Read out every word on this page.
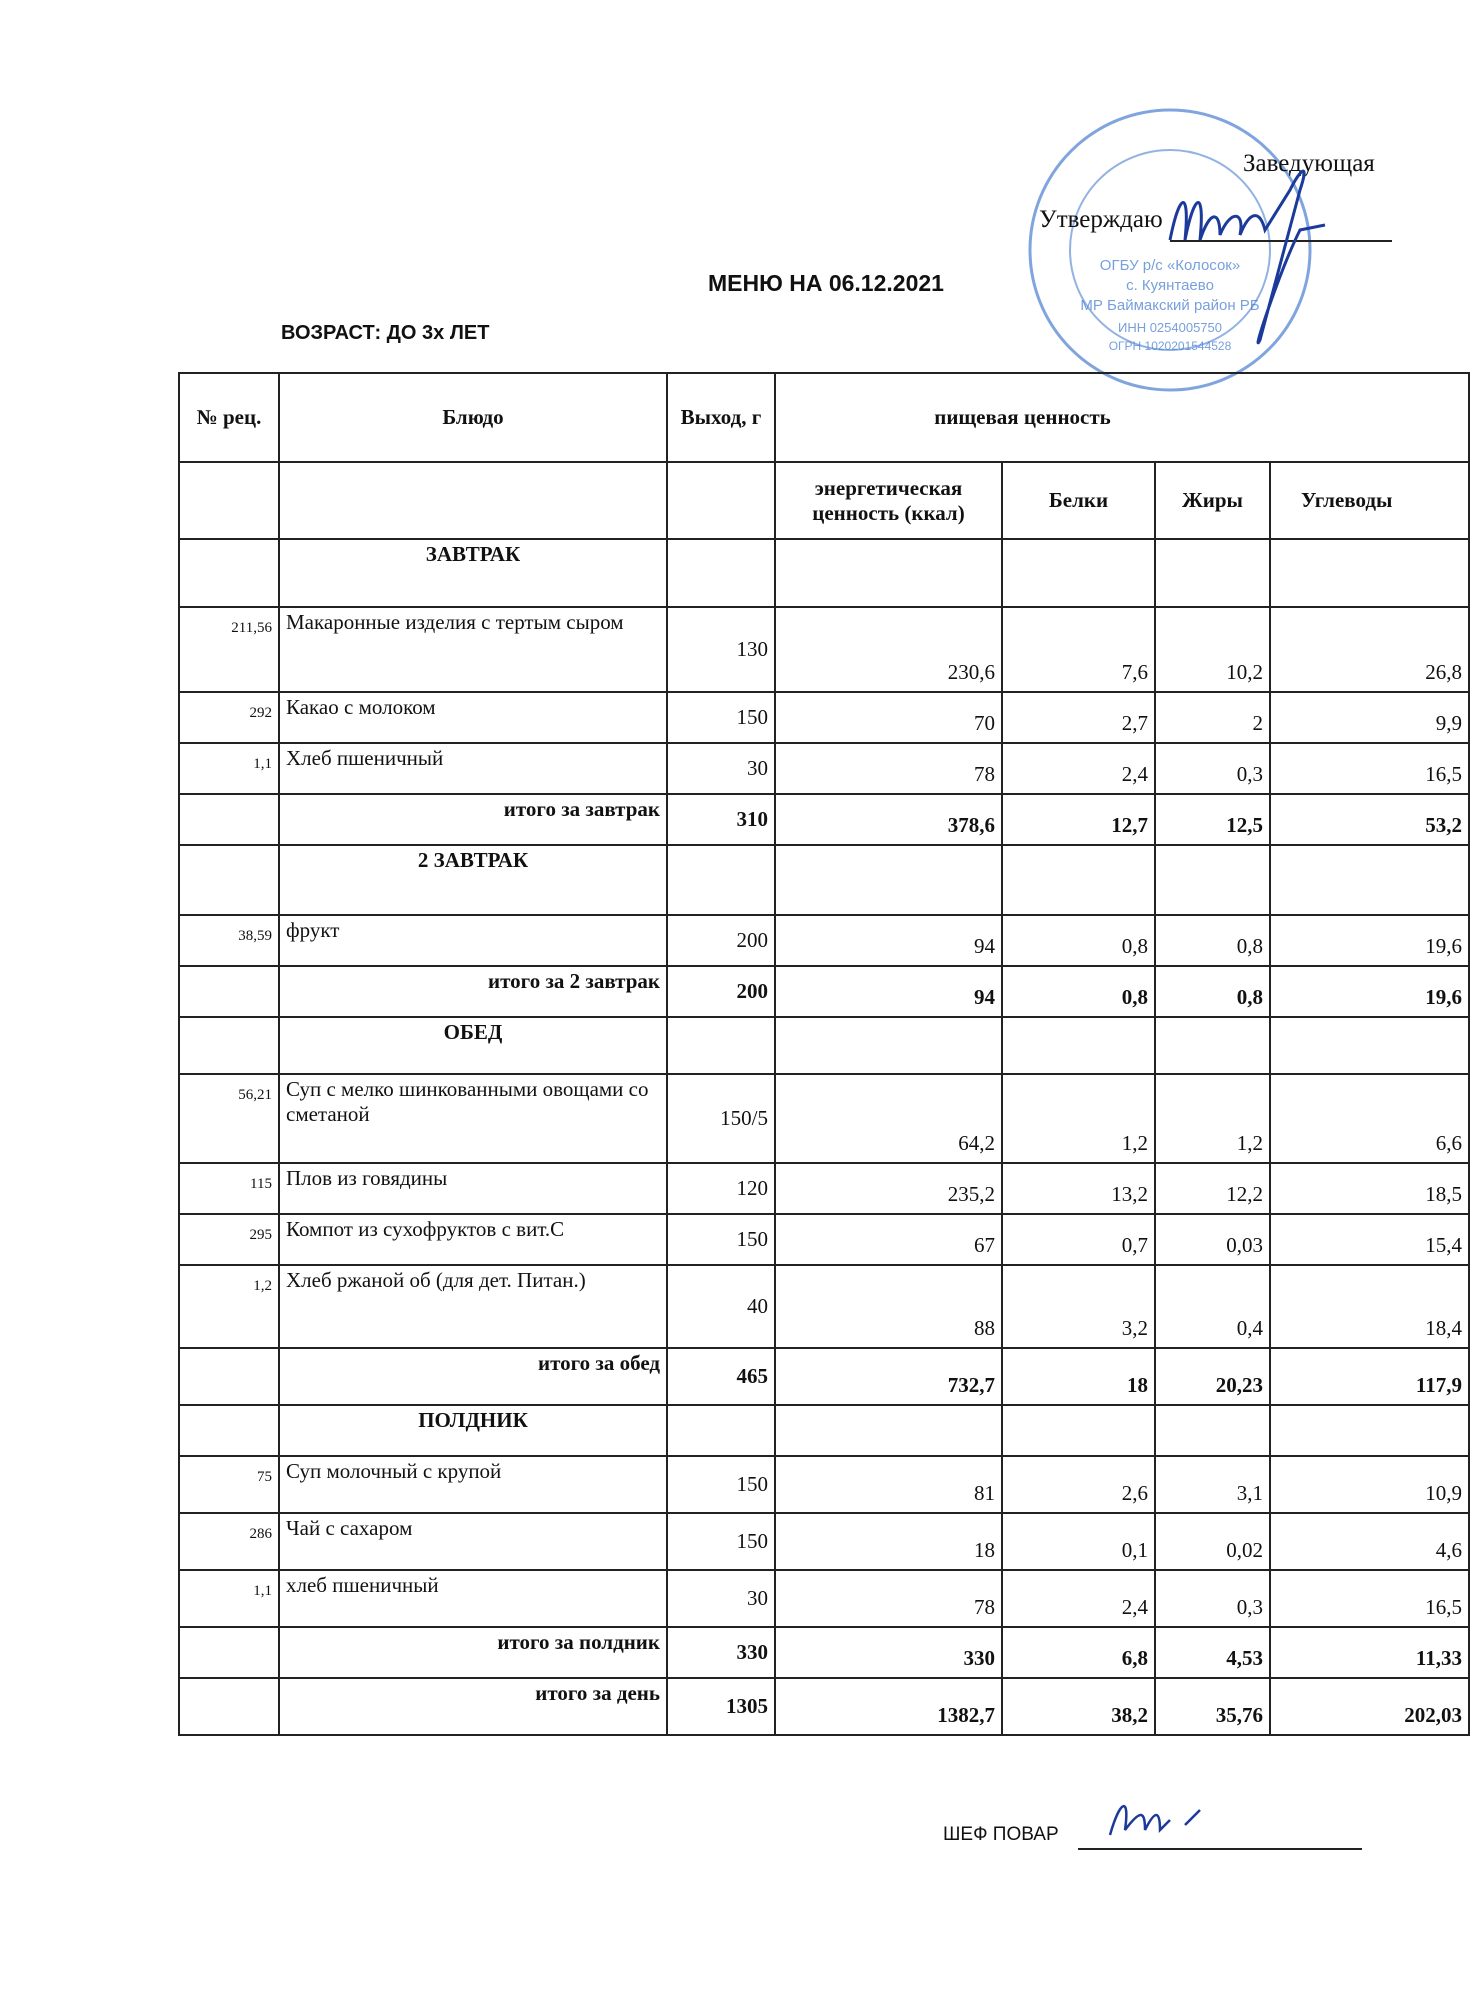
ОГБУ р/с «Колосок»
с. Куянтаево
МР Баймакский район РБ
ИНН 0254005750
ОГРН 1020201544528
Заведующая
Утверждаю
МЕНЮ НА 06.12.2021
ВОЗРАСТ: ДО 3х ЛЕТ
№ рец.	Блюдо	Выход, г	пищевая ценность			
			энергетическая ценность (ккал)	Белки	Жиры	Углеводы
	ЗАВТРАК					
211,56	Макаронные изделия с тертым сыром	130	230,6	7,6	10,2	26,8
292	Какао с молоком	150	70	2,7	2	9,9
1,1	Хлеб пшеничный	30	78	2,4	0,3	16,5
	итого за завтрак	310	378,6	12,7	12,5	53,2
	2 ЗАВТРАК					
38,59	фрукт	200	94	0,8	0,8	19,6
	итого за 2 завтрак	200	94	0,8	0,8	19,6
	ОБЕД					
56,21	Суп с мелко шинкованными овощами со сметаной	150/5	64,2	1,2	1,2	6,6
115	Плов из говядины	120	235,2	13,2	12,2	18,5
295	Компот из сухофруктов с вит.С	150	67	0,7	0,03	15,4
1,2	Хлеб ржаной об (для дет. Питан.)	40	88	3,2	0,4	18,4
	итого за обед	465	732,7	18	20,23	117,9
	ПОЛДНИК					
75	Суп молочный с крупой	150	81	2,6	3,1	10,9
286	Чай с сахаром	150	18	0,1	0,02	4,6
1,1	хлеб пшеничный	30	78	2,4	0,3	16,5
	итого за полдник	330	330	6,8	4,53	11,33
	итого за день	1305	1382,7	38,2	35,76	202,03
ШЕФ ПОВАР
